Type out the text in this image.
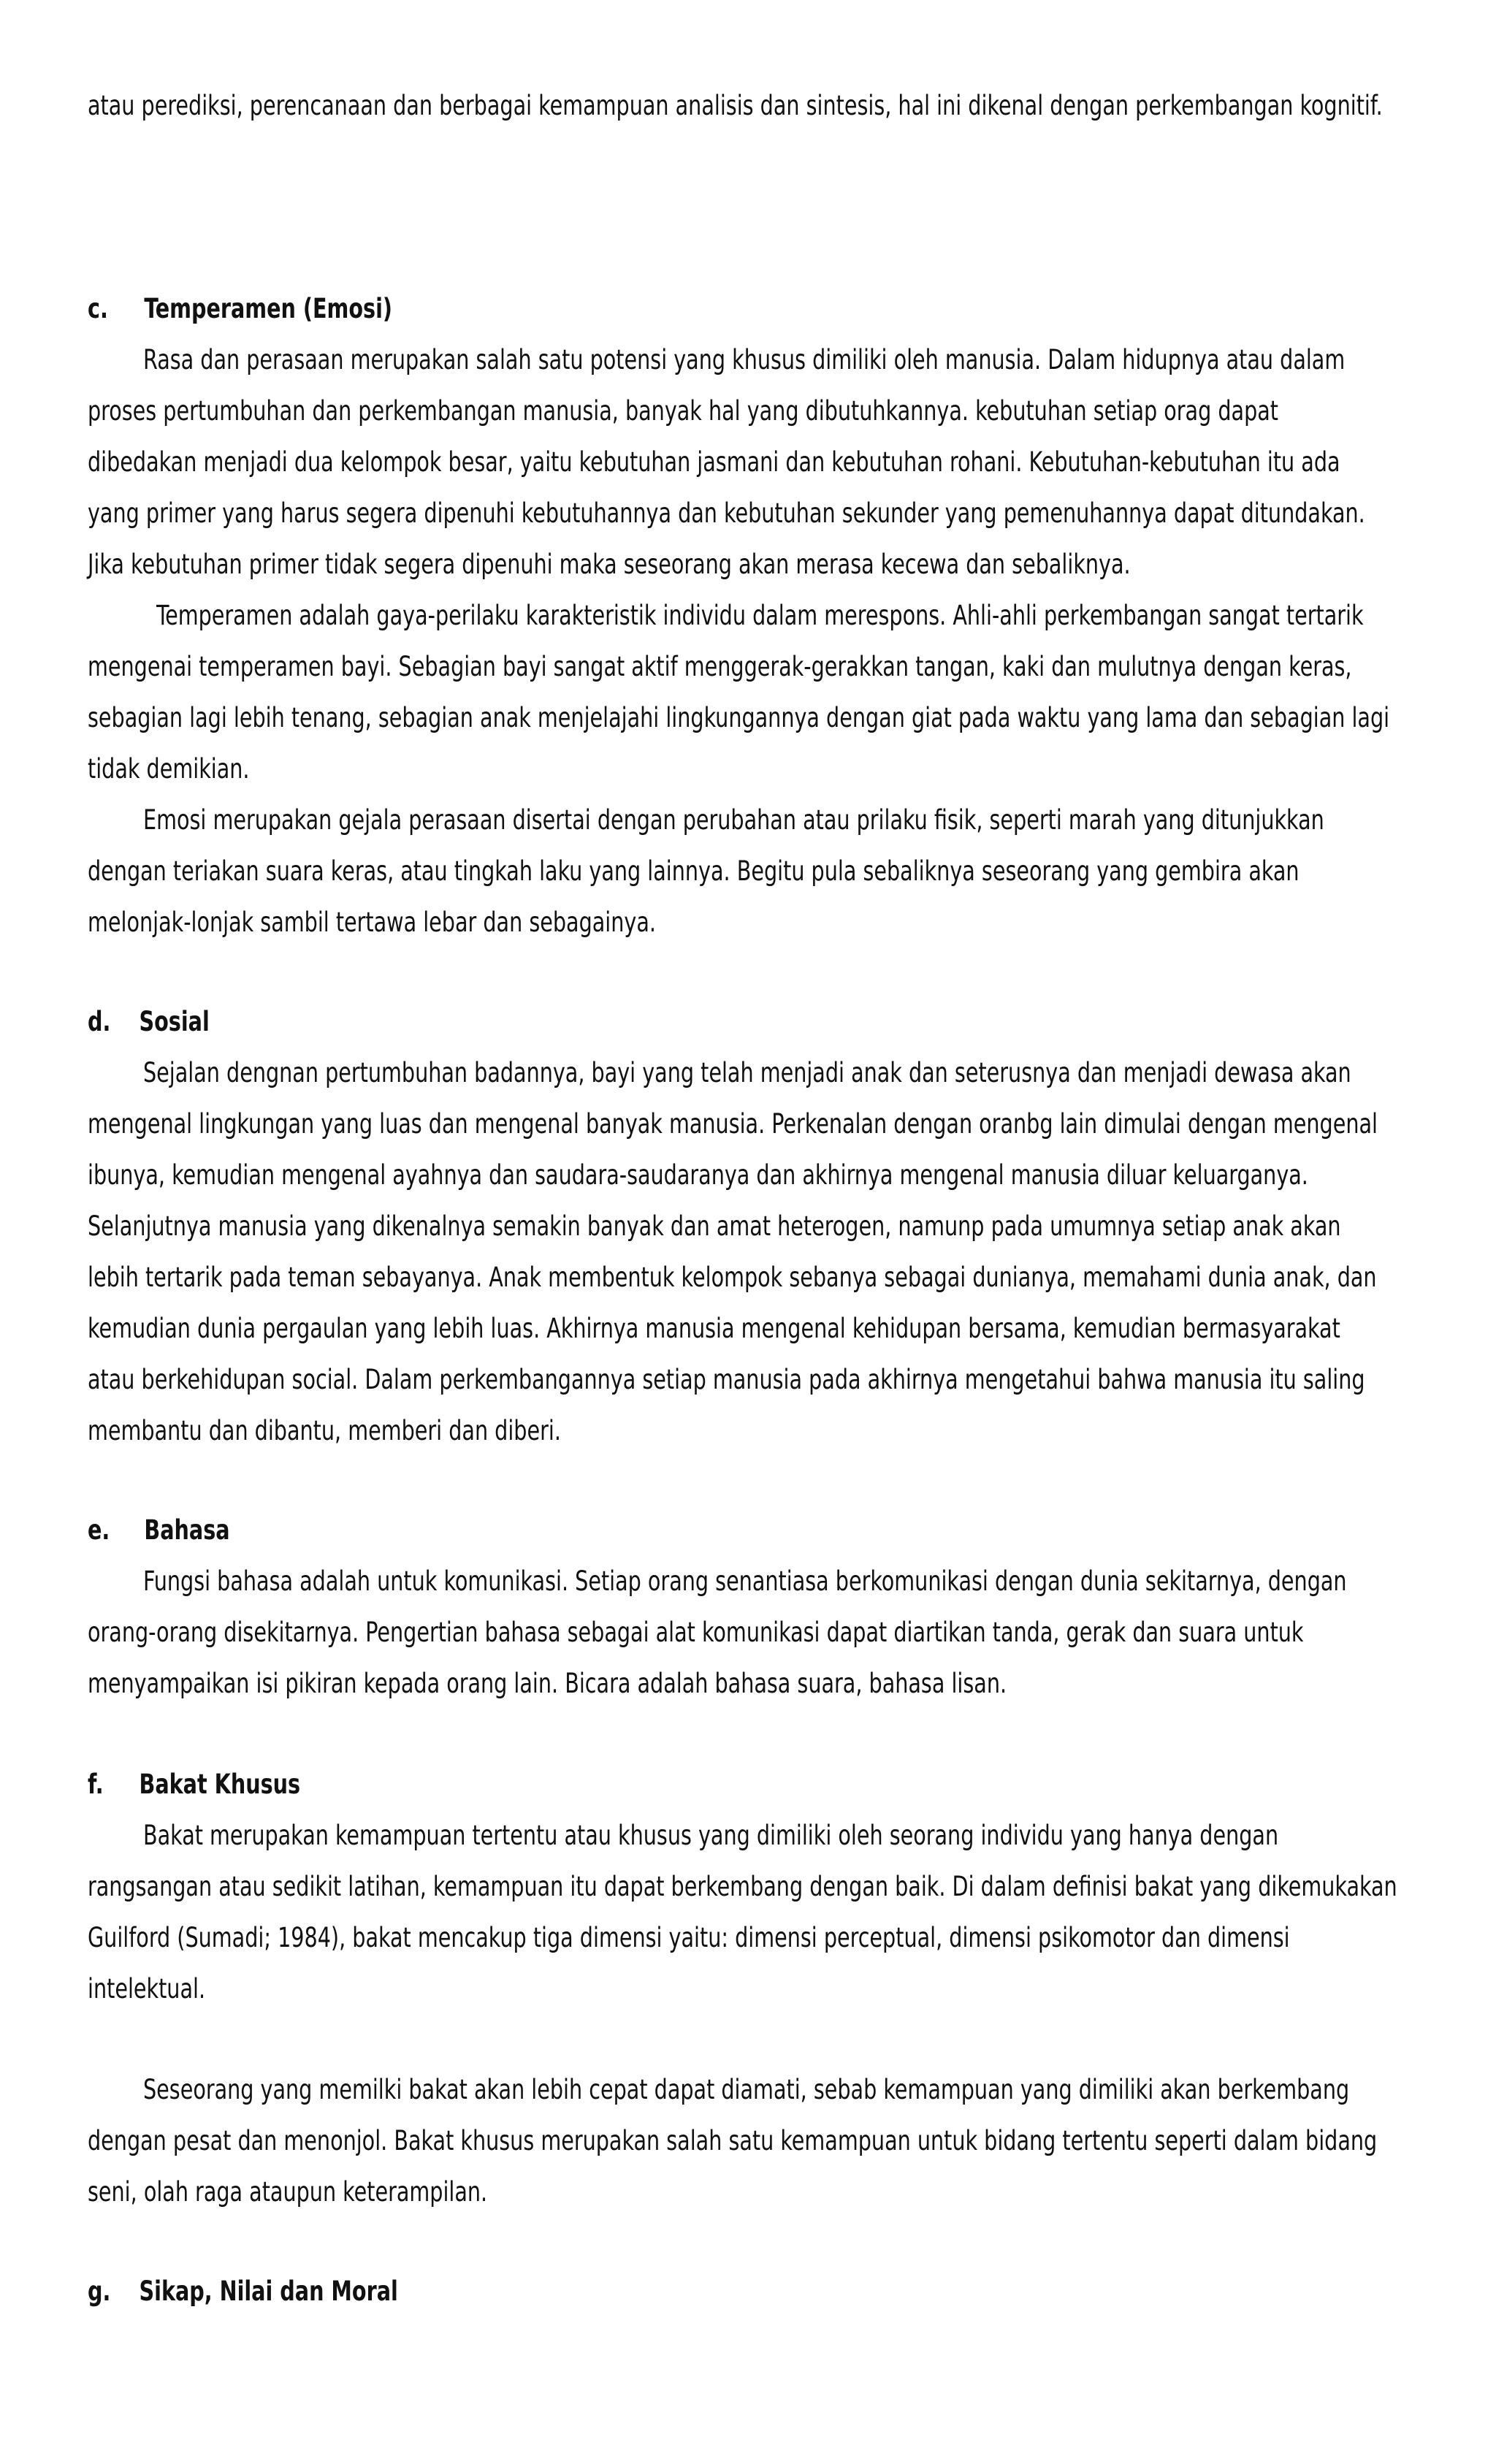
atau perediksi, perencanaan dan berbagai kemampuan analisis dan sintesis, hal ini dikenal dengan perkembangan kognitif.
c. Temperamen (Emosi)
Rasa dan perasaan merupakan salah satu potensi yang khusus dimiliki oleh manusia. Dalam hidupnya atau dalam
proses pertumbuhan dan perkembangan manusia, banyak hal yang dibutuhkannya. kebutuhan setiap orag dapat
dibedakan menjadi dua kelompok besar, yaitu kebutuhan jasmani dan kebutuhan rohani. Kebutuhan-kebutuhan itu ada
yang primer yang harus segera dipenuhi kebutuhannya dan kebutuhan sekunder yang pemenuhannya dapat ditundakan.
Jika kebutuhan primer tidak segera dipenuhi maka seseorang akan merasa kecewa dan sebaliknya.
Temperamen adalah gaya-perilaku karakteristik individu dalam merespons. Ahli-ahli perkembangan sangat tertarik
mengenai temperamen bayi. Sebagian bayi sangat aktif menggerak-gerakkan tangan, kaki dan mulutnya dengan keras,
sebagian lagi lebih tenang, sebagian anak menjelajahi lingkungannya dengan giat pada waktu yang lama dan sebagian lagi
tidak demikian.
Emosi merupakan gejala perasaan disertai dengan perubahan atau prilaku fisik, seperti marah yang ditunjukkan
dengan teriakan suara keras, atau tingkah laku yang lainnya. Begitu pula sebaliknya seseorang yang gembira akan
melonjak-lonjak sambil tertawa lebar dan sebagainya.
d. Sosial
Sejalan dengnan pertumbuhan badannya, bayi yang telah menjadi anak dan seterusnya dan menjadi dewasa akan
mengenal lingkungan yang luas dan mengenal banyak manusia. Perkenalan dengan oranbg lain dimulai dengan mengenal
ibunya, kemudian mengenal ayahnya dan saudara-saudaranya dan akhirnya mengenal manusia diluar keluarganya.
Selanjutnya manusia yang dikenalnya semakin banyak dan amat heterogen, namunp pada umumnya setiap anak akan
lebih tertarik pada teman sebayanya. Anak membentuk kelompok sebanya sebagai dunianya, memahami dunia anak, dan
kemudian dunia pergaulan yang lebih luas. Akhirnya manusia mengenal kehidupan bersama, kemudian bermasyarakat
atau berkehidupan social. Dalam perkembangannya setiap manusia pada akhirnya mengetahui bahwa manusia itu saling
membantu dan dibantu, memberi dan diberi.
e. Bahasa
Fungsi bahasa adalah untuk komunikasi. Setiap orang senantiasa berkomunikasi dengan dunia sekitarnya, dengan
orang-orang disekitarnya. Pengertian bahasa sebagai alat komunikasi dapat diartikan tanda, gerak dan suara untuk
menyampaikan isi pikiran kepada orang lain. Bicara adalah bahasa suara, bahasa lisan.
f. Bakat Khusus
Bakat merupakan kemampuan tertentu atau khusus yang dimiliki oleh seorang individu yang hanya dengan
rangsangan atau sedikit latihan, kemampuan itu dapat berkembang dengan baik. Di dalam definisi bakat yang dikemukakan
Guilford (Sumadi; 1984), bakat mencakup tiga dimensi yaitu: dimensi perceptual, dimensi psikomotor dan dimensi
intelektual.
Seseorang yang memilki bakat akan lebih cepat dapat diamati, sebab kemampuan yang dimiliki akan berkembang
dengan pesat dan menonjol. Bakat khusus merupakan salah satu kemampuan untuk bidang tertentu seperti dalam bidang
seni, olah raga ataupun keterampilan.
g. Sikap, Nilai dan Moral
